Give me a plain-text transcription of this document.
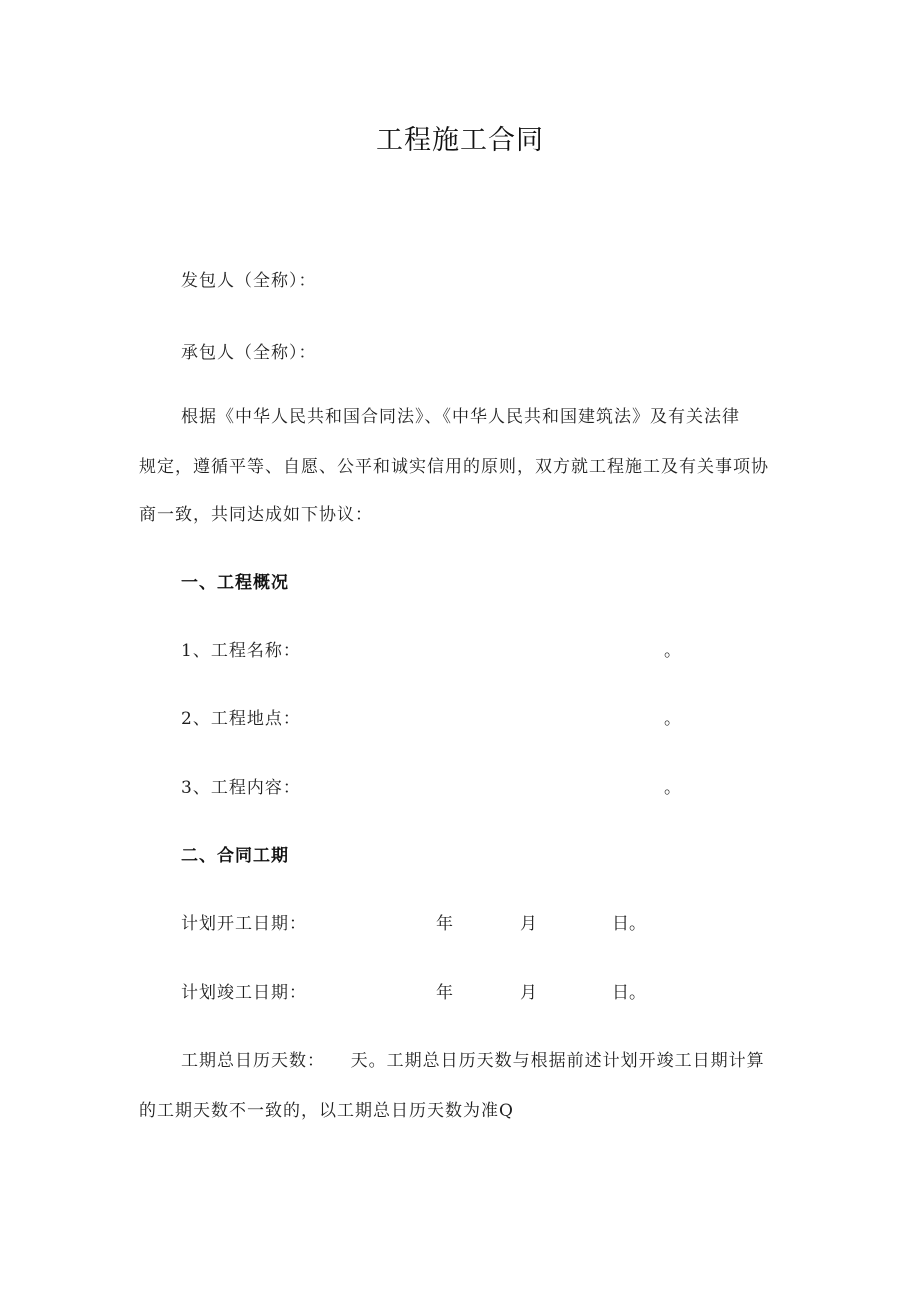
工程施工合同
发包人（全称）：
承包人（全称）：
根据《中华人民共和国合同法》、《中华人民共和国建筑法》及有关法律
规定，遵循平等、自愿、公平和诚实信用的原则，双方就工程施工及有关事项协
商一致，共同达成如下协议：
一、工程概况
1、工程名称：	。
2、工程地点：	。
3、工程内容：	。
二、合同工期
计划开工日期：	年	月	日。
计划竣工日期：	年	月	日。
工期总日历天数：    天。工期总日历天数与根据前述计划开竣工日期计算
的工期天数不一致的，以工期总日历天数为准Q
